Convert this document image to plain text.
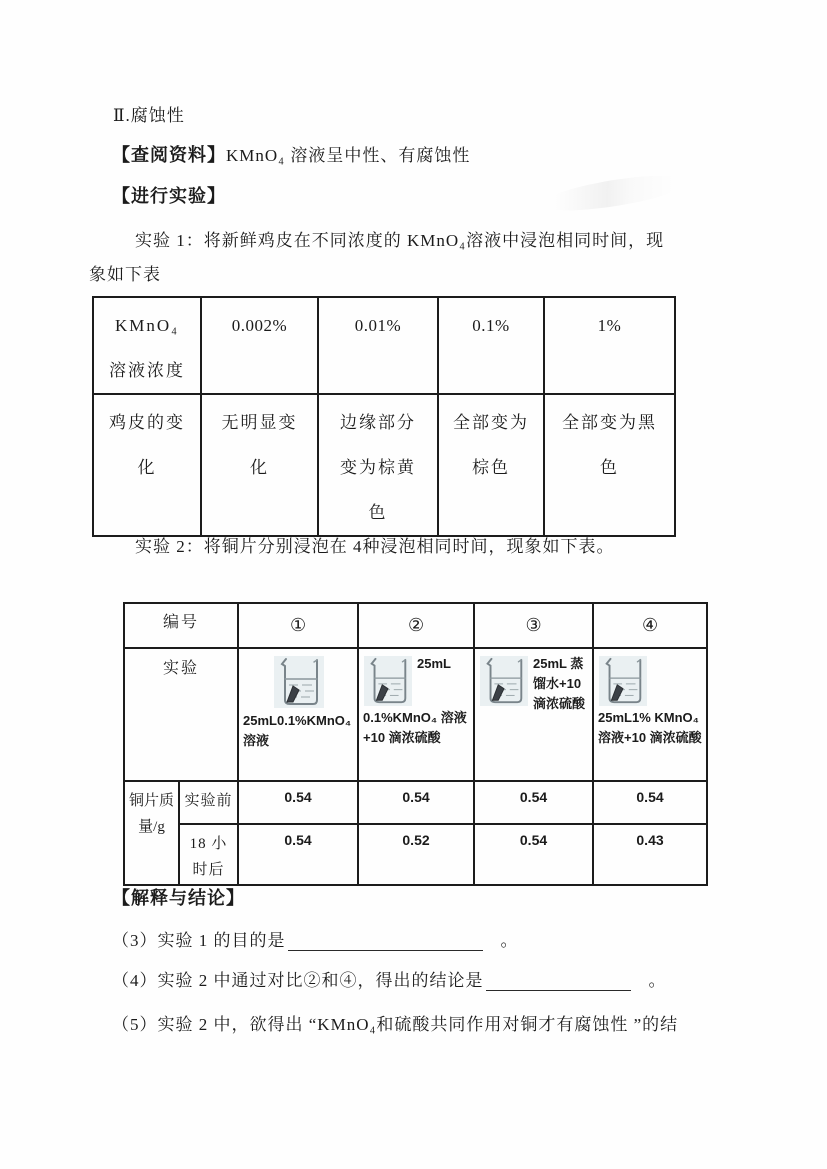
Ⅱ.腐蚀性
【查阅资料】KMnO₄ 溶液呈中性、有腐蚀性
【进行实验】
实验 1：将新鲜鸡皮在不同浓度的 KMnO₄溶液中浸泡相同时间，现
象如下表
KMnO₄ 溶液浓度	0.002%	0.01%	0.1%	1%
鸡皮的变化	无明显变化	边缘部分变为棕黄色	全部变为棕色	全部变为黑色
实验 2：将铜片分别浸泡在 4种浸泡相同时间，现象如下表。
编号		①	②	③	④
实验		25mL0.1%KMnO₄ 溶液	25mL 0.1%KMnO₄ 溶液+10 滴浓硫酸	25mL 蒸馏水+10 滴浓硫酸	25mL1% KMnO₄ 溶液+10 滴浓硫酸
铜片质量/g	实验前	0.54	0.54	0.54	0.54
	18 小时后	0.54	0.52	0.54	0.43
【解释与结论】
（3）实验 1 的目的是	。
（4）实验 2 中通过对比②和④，得出的结论是	。
（5）实验 2 中，欲得出 “KMnO₄和硫酸共同作用对铜才有腐蚀性 ”的结
